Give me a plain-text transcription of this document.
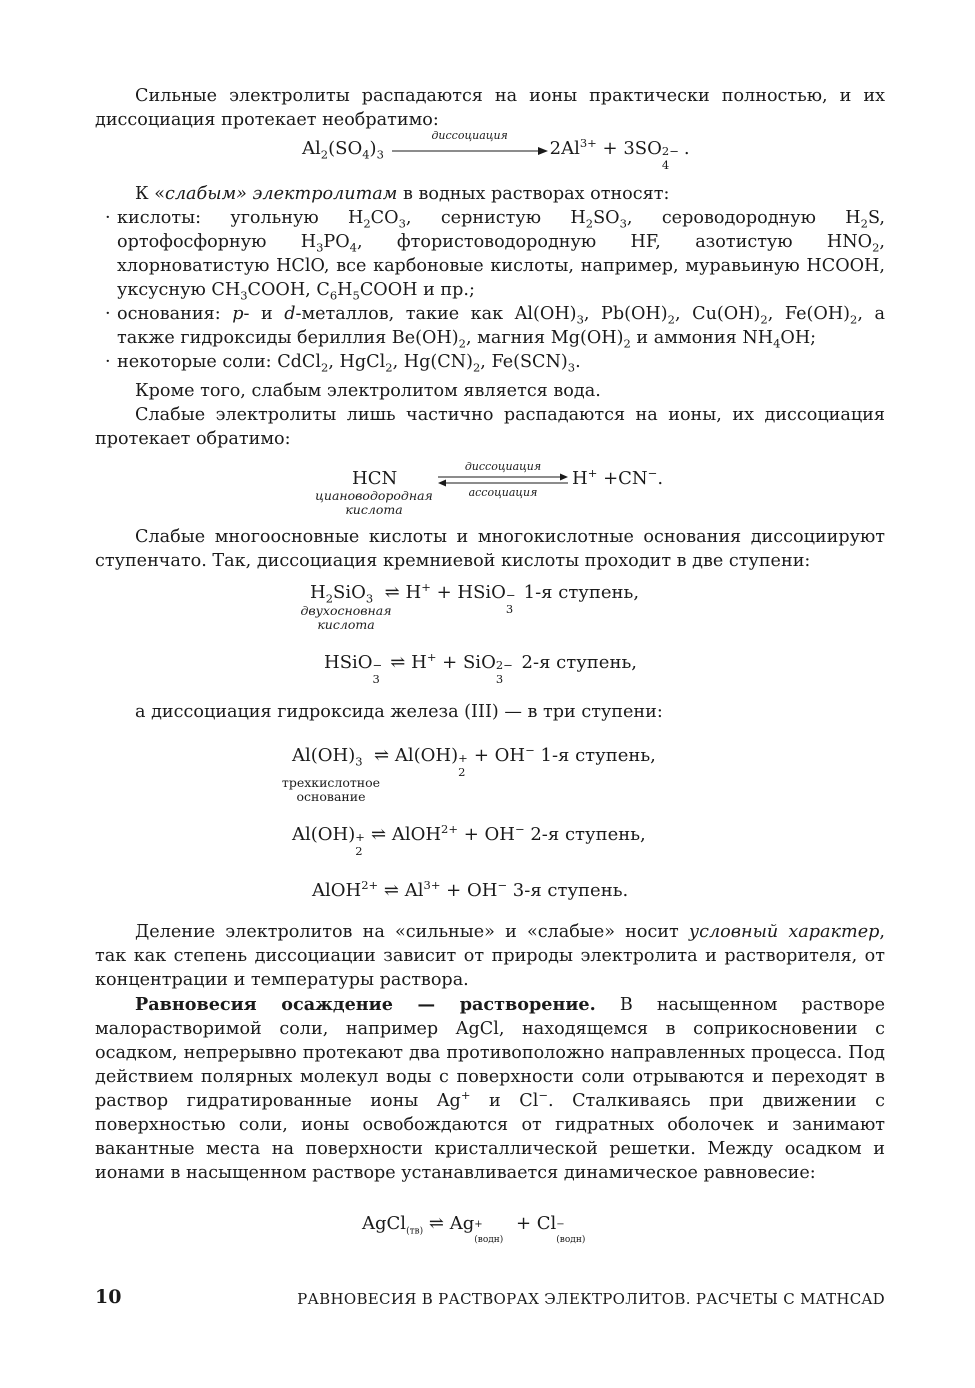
Сильные электролиты распадаются на ионы практически полностью, и их диссоциация протекает необратимо:

$Al_2(SO_4)_3$
диссоциация
$2Al^{3+} + 3SO$ 2−
4
.

К «слабым» электролитам в водных растворах относят:

· кислоты: угольную $H_2CO_3$, сернистую $H_2SO_3$, сероводородную $H_2S$, ортофосфорную $H_3PO_4$, фтористоводородную HF, азотистую $HNO_2$, хлорноватистую HClO, все карбоновые кислоты, например, муравьиную HCOOH, уксусную $CH_3COOH$, $C_6H_5COOH$ и пр.;
· основания: p- и d-металлов, такие как $Al(OH)_3$, $Pb(OH)_2$, $Cu(OH)_2$, $Fe(OH)_2$, а также гидроксиды бериллия $Be(OH)_2$, магния $Mg(OH)_2$ и аммония $NH_4OH$;
· некоторые соли: CdCl$_2$, HgCl$_2$, $Hg(CN)_2$, $Fe(SCN)_3$.

Кроме того, слабым электролитом является вода.

Слабые электролиты лишь частично распадаются на ионы, их диссоциация протекает обратимо:

HCN
циановодородная кислота
диссоциация
ассоциация
H+ +CN−.

Слабые многоосновные кислоты и многокислотные основания диссоциируют ступенчато. Так, диссоциация кремниевой кислоты проходит в две ступени:

$H_2SiO_3$ ⇌ H+ + HSiO −
3
1-я ступень,
двухосновная кислота
HSiO −
3
⇌ H+ + SiO 2−
3
2-я ступень,

а диссоциация гидроксида железа (III) — в три ступени:

$Al(OH)_3$ ⇌ Al(OH) +
2
+ OH− 1-я ступень,
трехкислотное основание
Al(OH) +
2
⇌ AlOH$^{2+}$ + OH− 2-я ступень,
AlOH$^{2+}$ ⇌ $Al^{3+} + OH^-$ 3-я ступень.

Деление электролитов на «сильные» и «слабые» носит условный характер, так как степень диссоциации зависит от природы электролита и растворителя, от концентрации и температуры раствора.

Равновесия осаждение — растворение. В насыщенном растворе малорастворимой соли, например AgCl, находящемся в соприкосновении с осадком, непрерывно протекают два противоположно направленных процесса. Под действием полярных молекул воды с поверхности соли отрываются и переходят в раствор гидратированные ионы Ag+ и Cl−. Сталкиваясь при движении с поверхностью соли, ионы освобождаются от гидратных оболочек и занимают вакантные места на поверхности кристаллической решетки. Между осадком и ионами в насыщенном растворе устанавливается динамическое равновесие:

AgCl$_{(тв)}$ ⇌ Ag +
(водн)
+ Cl −
(водн)
10	РАВНОВЕСИЯ В РАСТВОРАХ ЭЛЕКТРОЛИТОВ. РАСЧЕТЫ С MATHCAD
